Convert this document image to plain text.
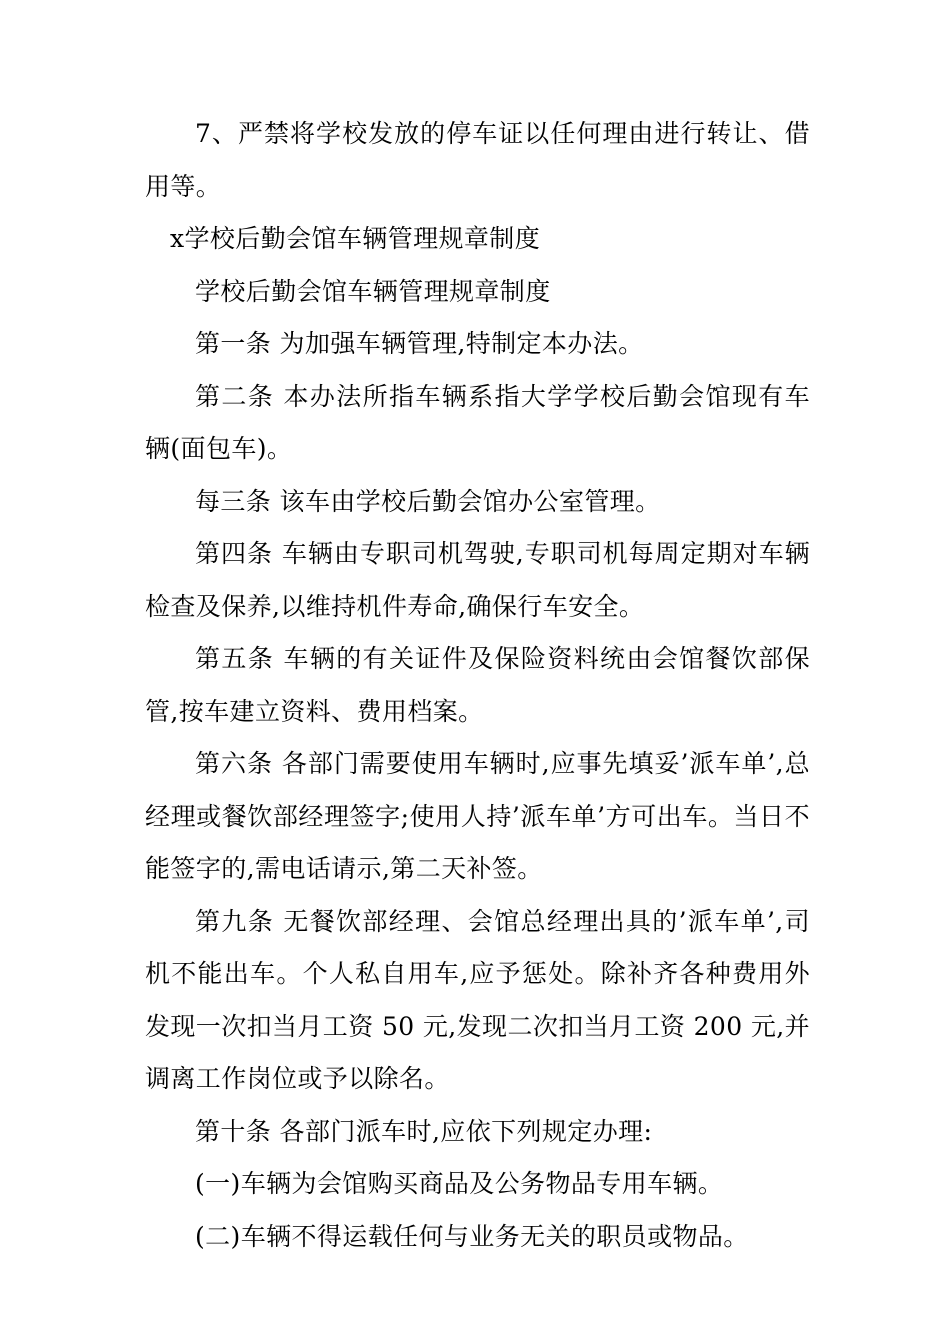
7、严禁将学校发放的停车证以任何理由进行转让、借用等。

x学校后勤会馆车辆管理规章制度

学校后勤会馆车辆管理规章制度

第一条 为加强车辆管理,特制定本办法。

第二条 本办法所指车辆系指大学学校后勤会馆现有车辆(面包车)。

每三条 该车由学校后勤会馆办公室管理。

第四条 车辆由专职司机驾驶,专职司机每周定期对车辆检查及保养,以维持机件寿命,确保行车安全。

第五条 车辆的有关证件及保险资料统由会馆餐饮部保管,按车建立资料、费用档案。

第六条 各部门需要使用车辆时,应事先填妥’派车单’,总经理或餐饮部经理签字;使用人持’派车单’方可出车。当日不能签字的,需电话请示,第二天补签。

第九条 无餐饮部经理、会馆总经理出具的’派车单’,司机不能出车。个人私自用车,应予惩处。除补齐各种费用外发现一次扣当月工资 50 元,发现二次扣当月工资 200 元,并调离工作岗位或予以除名。

第十条 各部门派车时,应依下列规定办理:

(一)车辆为会馆购买商品及公务物品专用车辆。

(二)车辆不得运载任何与业务无关的职员或物品。
